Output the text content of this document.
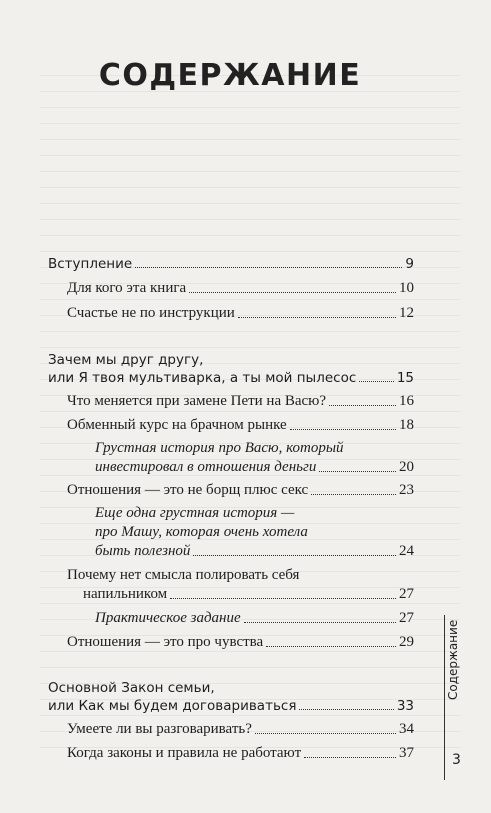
СОДЕРЖАНИЕ
Вступление	9
Для кого эта книга	10
Счастье не по инструкции	12
Зачем мы друг другу,
или Я твоя мультиварка, а ты мой пылесос	15
Что меняется при замене Пети на Васю?	16
Обменный курс на брачном рынке	18
Грустная история про Васю, который
инвестировал в отношения деньги	20
Отношения — это не борщ плюс секс	23
Еще одна грустная история —
про Машу, которая очень хотела
быть полезной	24
Почему нет смысла полировать себя
напильником	27
Практическое задание	27
Отношения — это про чувства	29
Основной Закон семьи,
или Как мы будем договариваться	33
Умеете ли вы разговаривать?	34
Когда законы и правила не работают	37
Содержание
3
